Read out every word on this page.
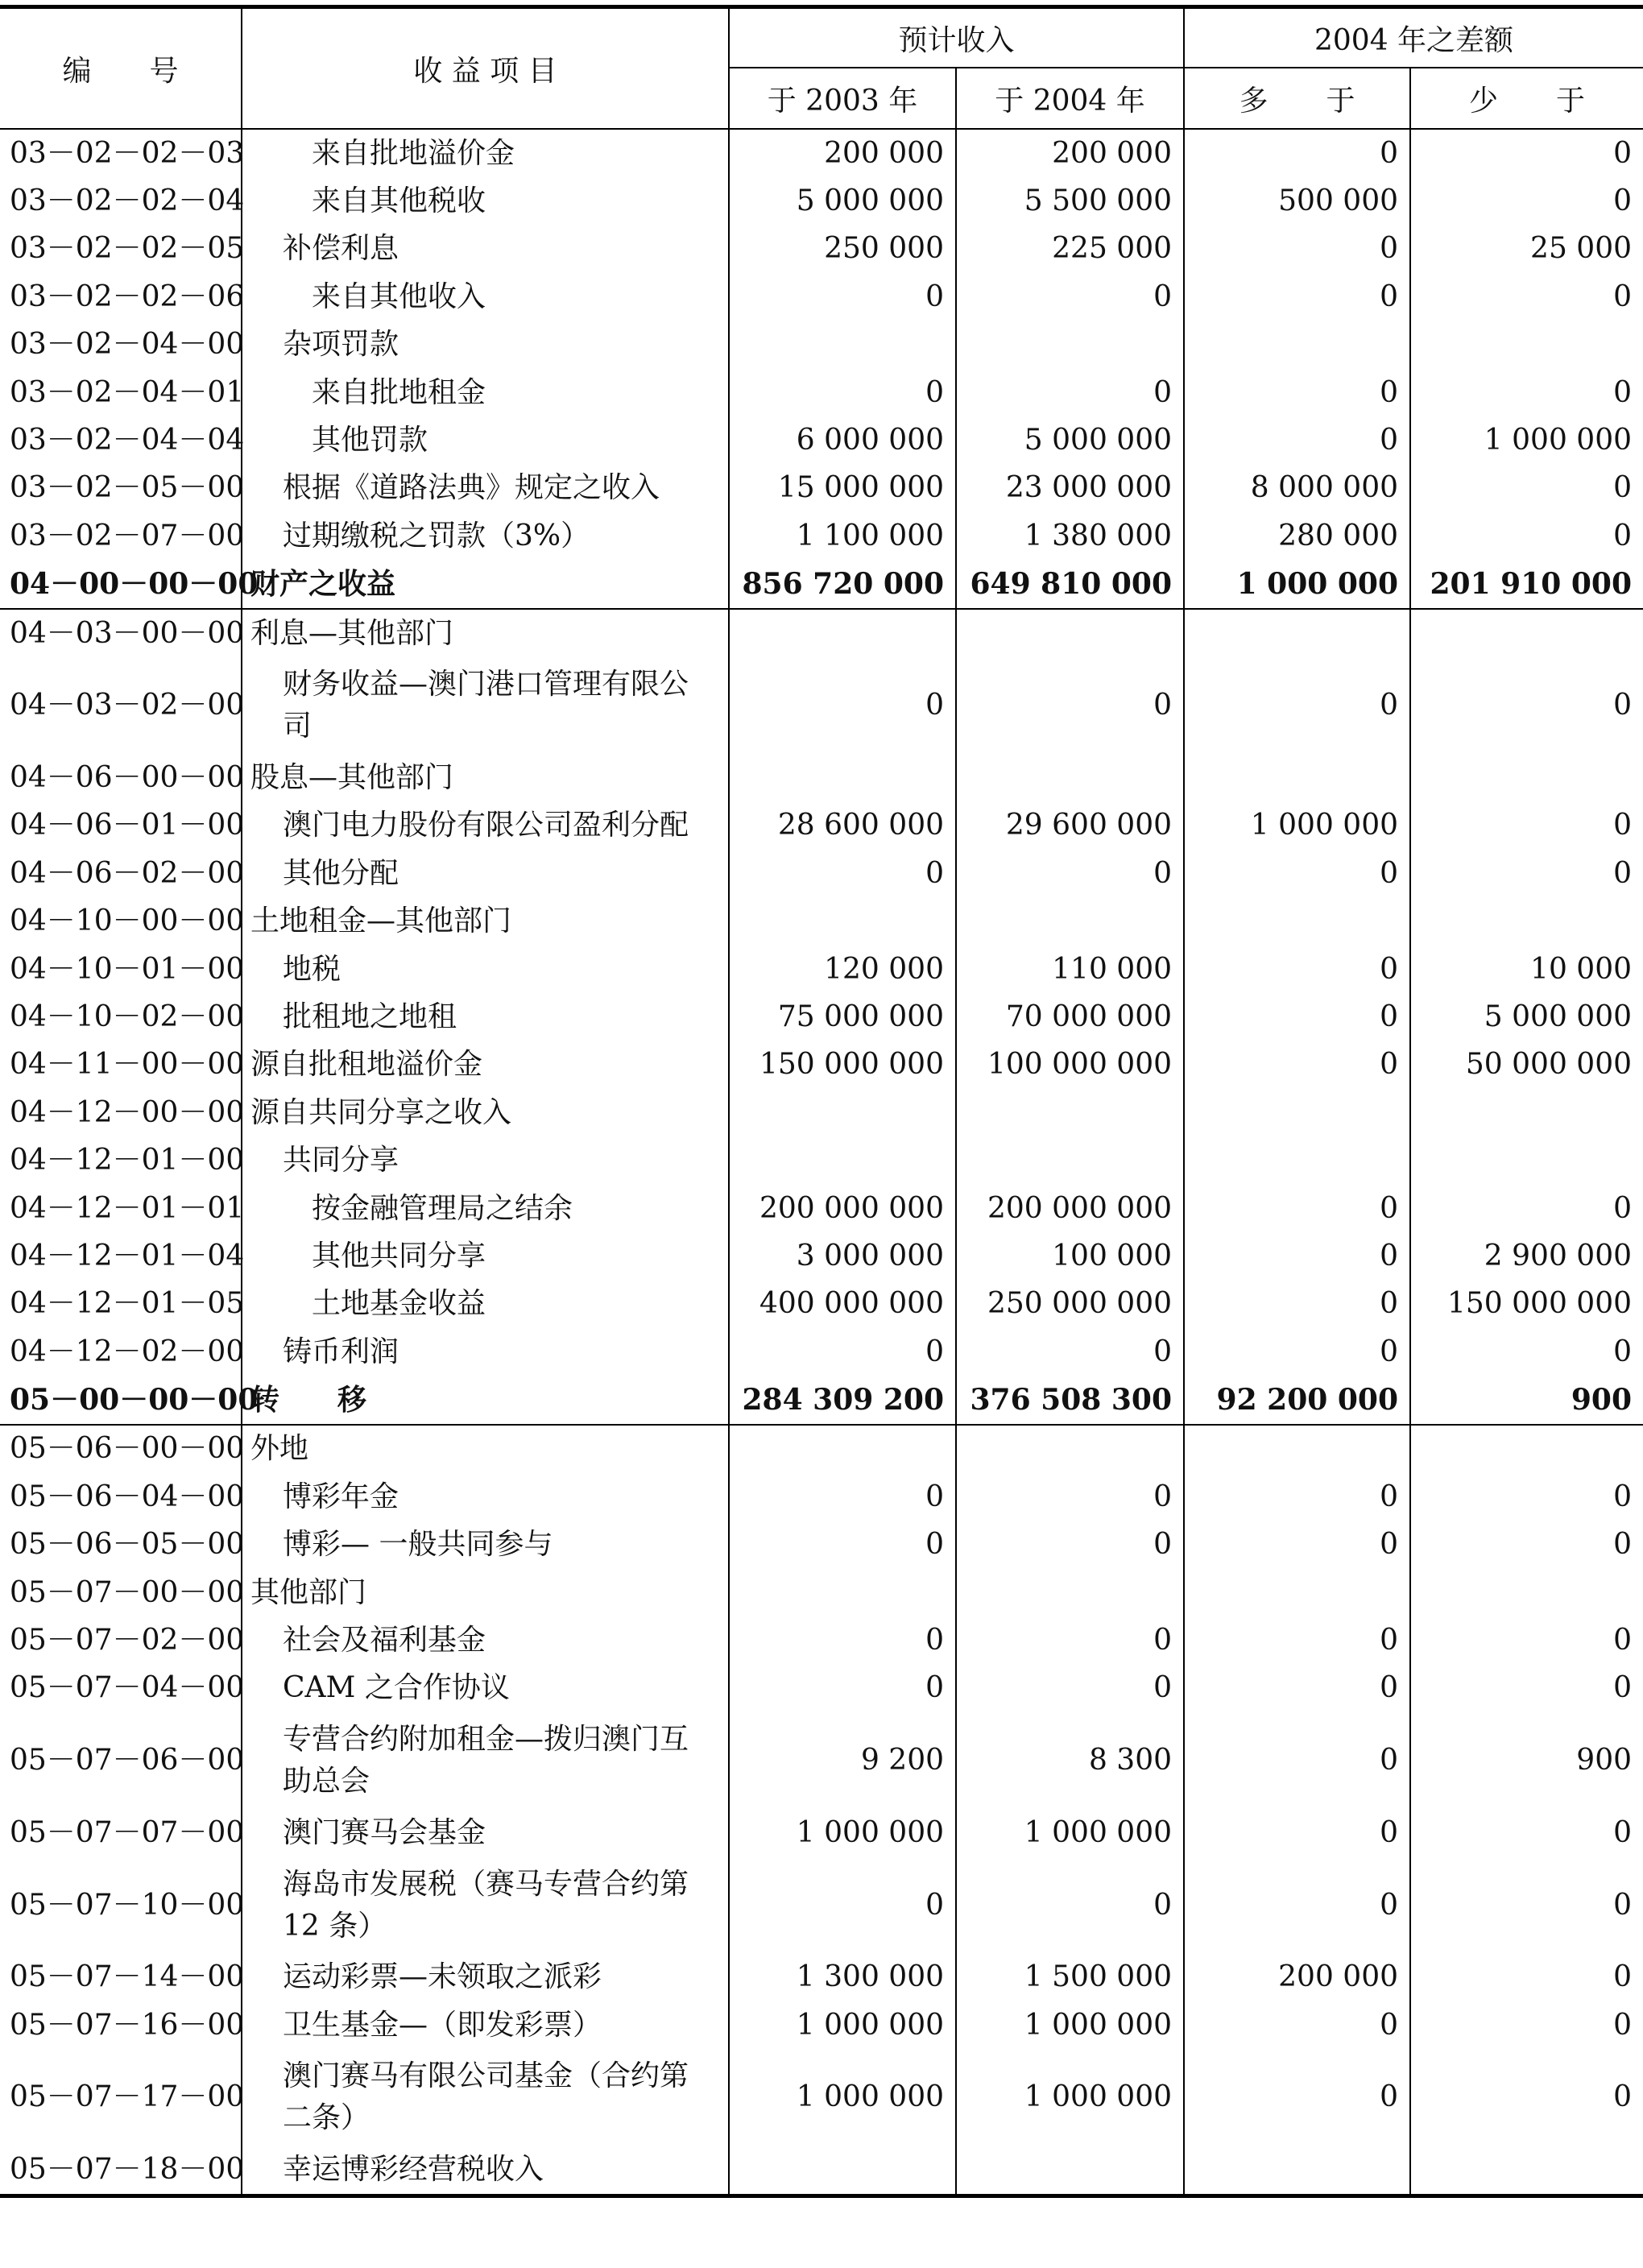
编　　号	收 益 项 目	预计收入		2004 年之差额	
		于 2003 年	于 2004 年	多　　于	少　　于
03－02－02－03	来自批地溢价金	200 000	200 000	0	0
03－02－02－04	来自其他税收	5 000 000	5 500 000	500 000	0
03－02－02－05	补偿利息	250 000	225 000	0	25 000
03－02－02－06	来自其他收入	0	0	0	0
03－02－04－00	杂项罚款				
03－02－04－01	来自批地租金	0	0	0	0
03－02－04－04	其他罚款	6 000 000	5 000 000	0	1 000 000
03－02－05－00	根据《道路法典》规定之收入	15 000 000	23 000 000	8 000 000	0
03－02－07－00	过期缴税之罚款（3%）	1 100 000	1 380 000	280 000	0
04－00－00－00	财产之收益	856 720 000	649 810 000	1 000 000	201 910 000
04－03－00－00	利息—其他部门				
04－03－02－00	财务收益—澳门港口管理有限公司	0	0	0	0
04－06－00－00	股息—其他部门				
04－06－01－00	澳门电力股份有限公司盈利分配	28 600 000	29 600 000	1 000 000	0
04－06－02－00	其他分配	0	0	0	0
04－10－00－00	土地租金—其他部门				
04－10－01－00	地税	120 000	110 000	0	10 000
04－10－02－00	批租地之地租	75 000 000	70 000 000	0	5 000 000
04－11－00－00	源自批租地溢价金	150 000 000	100 000 000	0	50 000 000
04－12－00－00	源自共同分享之收入				
04－12－01－00	共同分享				
04－12－01－01	按金融管理局之结余	200 000 000	200 000 000	0	0
04－12－01－04	其他共同分享	3 000 000	100 000	0	2 900 000
04－12－01－05	土地基金收益	400 000 000	250 000 000	0	150 000 000
04－12－02－00	铸币利润	0	0	0	0
05－00－00－00	转　　移	284 309 200	376 508 300	92 200 000	900
05－06－00－00	外地				
05－06－04－00	博彩年金	0	0	0	0
05－06－05－00	博彩— 一般共同参与	0	0	0	0
05－07－00－00	其他部门				
05－07－02－00	社会及福利基金	0	0	0	0
05－07－04－00	CAM 之合作协议	0	0	0	0
05－07－06－00	专营合约附加租金—拨归澳门互助总会	9 200	8 300	0	900
05－07－07－00	澳门赛马会基金	1 000 000	1 000 000	0	0
05－07－10－00	海岛市发展税（赛马专营合约第 12 条）	0	0	0	0
05－07－14－00	运动彩票—未领取之派彩	1 300 000	1 500 000	200 000	0
05－07－16－00	卫生基金—（即发彩票）	1 000 000	1 000 000	0	0
05－07－17－00	澳门赛马有限公司基金（合约第二条）	1 000 000	1 000 000	0	0
05－07－18－00	幸运博彩经营税收入				
